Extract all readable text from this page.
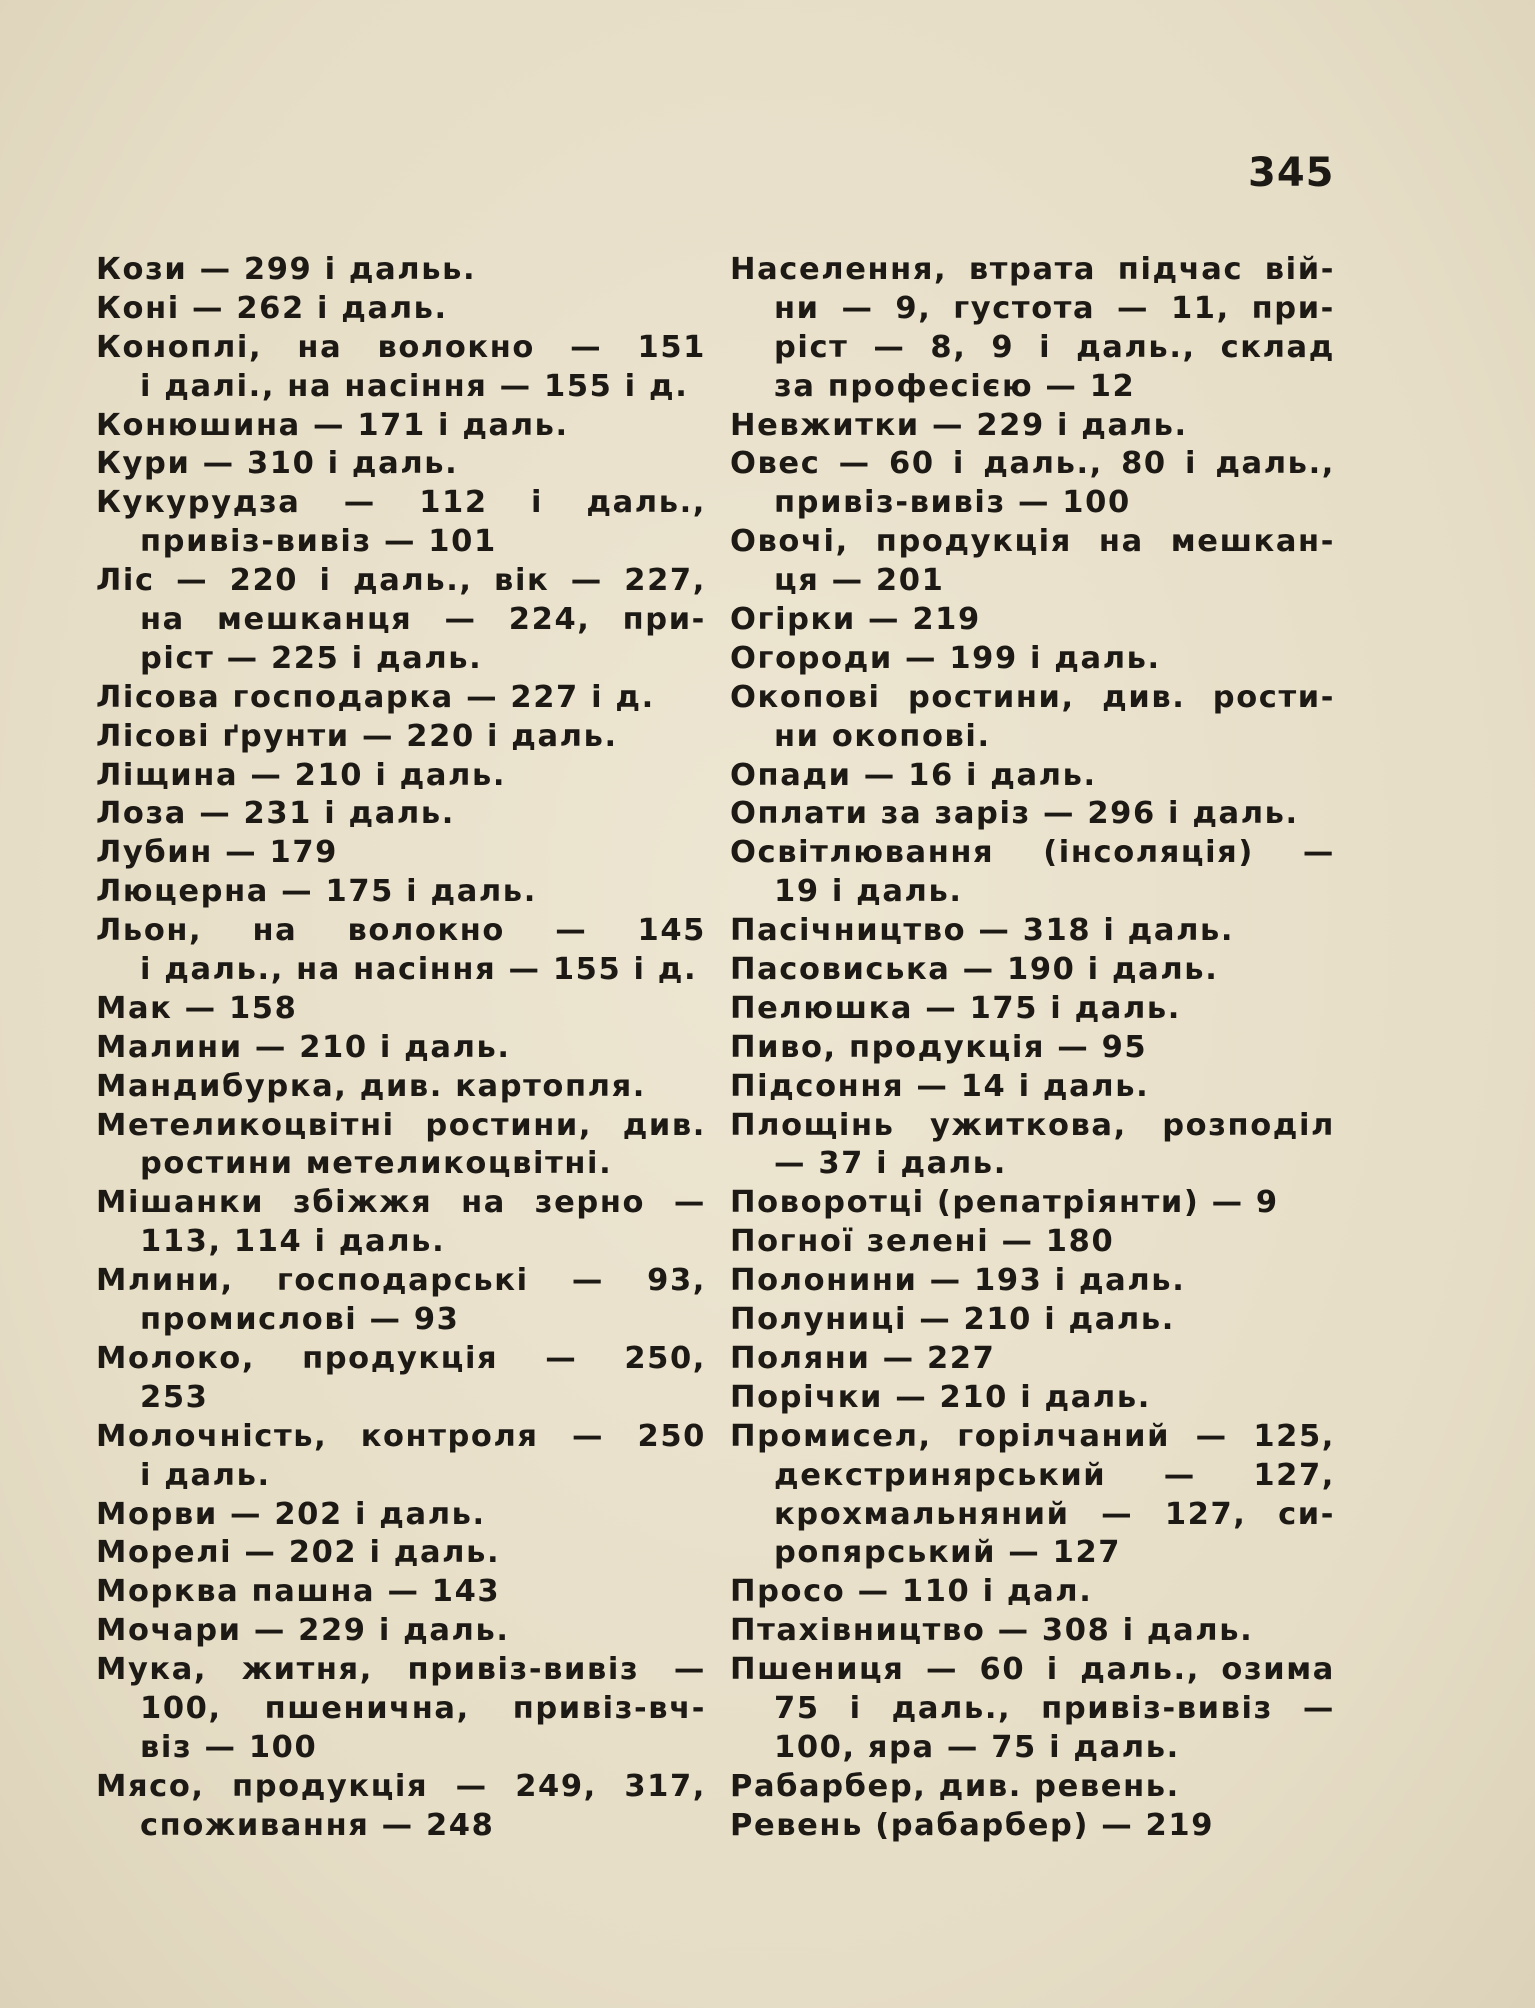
345
Кози — 299 і дальь.
Коні — 262 і даль.
Коноплі, на волокно — 151
і далі., на насіння — 155 і д.
Конюшина — 171 і даль.
Кури — 310 і даль.
Кукурудза — 112 і даль.,
привіз-вивіз — 101
Ліс — 220 і даль., вік — 227,
на мешканця — 224, при-
ріст — 225 і даль.
Лісова господарка — 227 і д.
Лісові ґрунти — 220 і даль.
Ліщина — 210 і даль.
Лоза — 231 і даль.
Лубин — 179
Люцерна — 175 і даль.
Льон, на волокно — 145
і даль., на насіння — 155 і д.
Мак — 158
Малини — 210 і даль.
Мандибурка, див. картопля.
Метеликоцвітні ростини, див.
ростини метеликоцвітні.
Мішанки збіжжя на зерно —
113, 114 і даль.
Млини, господарські — 93,
промислові — 93
Молоко, продукція — 250,
253
Молочність, контроля — 250
і даль.
Морви — 202 і даль.
Морелі — 202 і даль.
Морква пашна — 143
Мочари — 229 і даль.
Мука, житня, привіз-вивіз —
100, пшенична, привіз-вч-
віз — 100
Мясо, продукція — 249, 317,
споживання — 248
Населення, втрата підчас вій-
ни — 9, густота — 11, при-
ріст — 8, 9 і даль., склад
за професією — 12
Невжитки — 229 і даль.
Овес — 60 і даль., 80 і даль.,
привіз-вивіз — 100
Овочі, продукція на мешкан-
ця — 201
Огірки — 219
Огороди — 199 і даль.
Окопові ростини, див. рости-
ни окопові.
Опади — 16 і даль.
Оплати за заріз — 296 і даль.
Освітлювання (інсоляція) —
19 і даль.
Пасічництво — 318 і даль.
Пасовиська — 190 і даль.
Пелюшка — 175 і даль.
Пиво, продукція — 95
Підсоння — 14 і даль.
Площінь ужиткова, розподіл
— 37 і даль.
Поворотці (репатріянти) — 9
Погної зелені — 180
Полонини — 193 і даль.
Полуниці — 210 і даль.
Поляни — 227
Порічки — 210 і даль.
Промисел, горілчаний — 125,
декстринярський — 127,
крохмальняний — 127, си-
ропярський — 127
Просо — 110 і дал.
Птахівництво — 308 і даль.
Пшениця — 60 і даль., озима
75 і даль., привіз-вивіз —
100, яра — 75 і даль.
Рабарбер, див. ревень.
Ревень (рабарбер) — 219
